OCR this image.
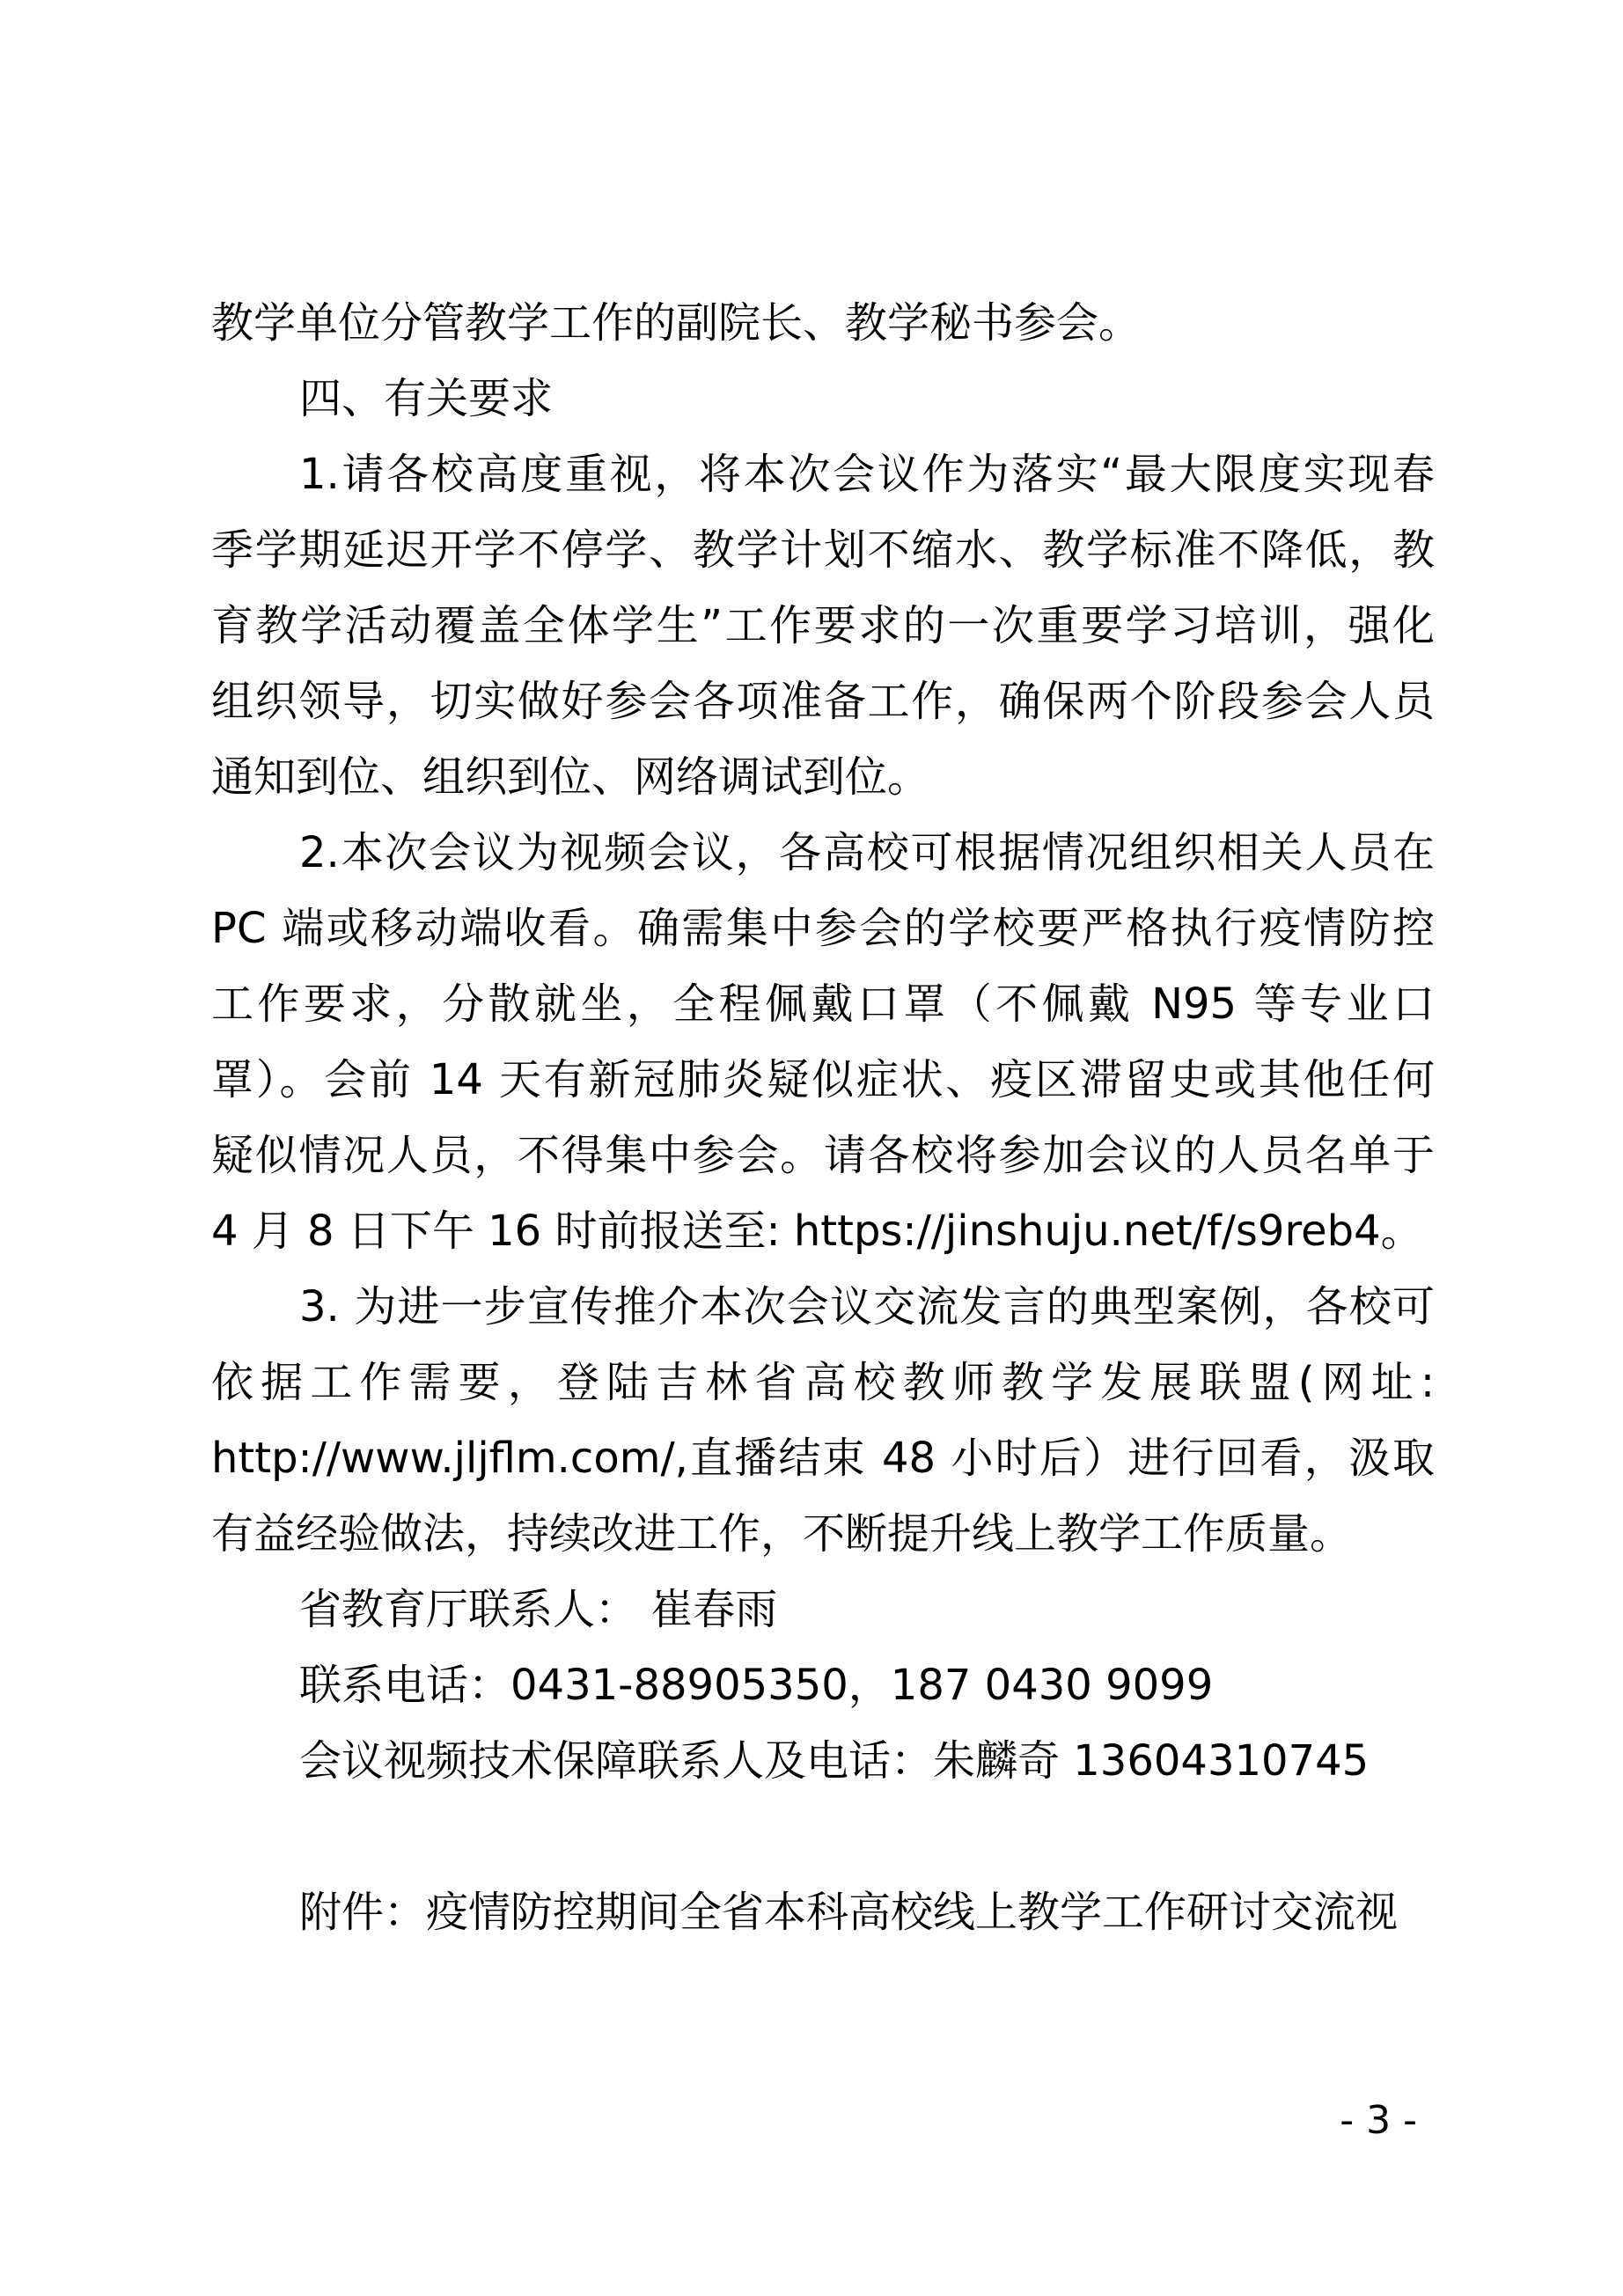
教学单位分管教学工作的副院长、教学秘书参会。
四、有关要求
1.请各校高度重视，将本次会议作为落实“最大限度实现春
季学期延迟开学不停学、教学计划不缩水、教学标准不降低，教
育教学活动覆盖全体学生”工作要求的一次重要学习培训，强化
组织领导，切实做好参会各项准备工作，确保两个阶段参会人员
通知到位、组织到位、网络调试到位。
2.本次会议为视频会议，各高校可根据情况组织相关人员在
PC 端或移动端收看。确需集中参会的学校要严格执行疫情防控
工作要求，分散就坐，全程佩戴口罩（不佩戴 N95 等专业口
罩）。会前 14 天有新冠肺炎疑似症状、疫区滞留史或其他任何
疑似情况人员，不得集中参会。请各校将参加会议的人员名单于
4 月 8 日下午 16 时前报送至: https://jinshuju.net/f/s9reb4。
3. 为进一步宣传推介本次会议交流发言的典型案例，各校可
依据工作需要，登陆吉林省高校教师教学发展联盟(网址:
http://www.jljflm.com/,直播结束 48 小时后）进行回看，汲取
有益经验做法，持续改进工作，不断提升线上教学工作质量。
省教育厅联系人： 崔春雨
联系电话：0431-88905350，187 0430 9099
会议视频技术保障联系人及电话：朱麟奇 13604310745
附件：疫情防控期间全省本科高校线上教学工作研讨交流视
- 3 -
